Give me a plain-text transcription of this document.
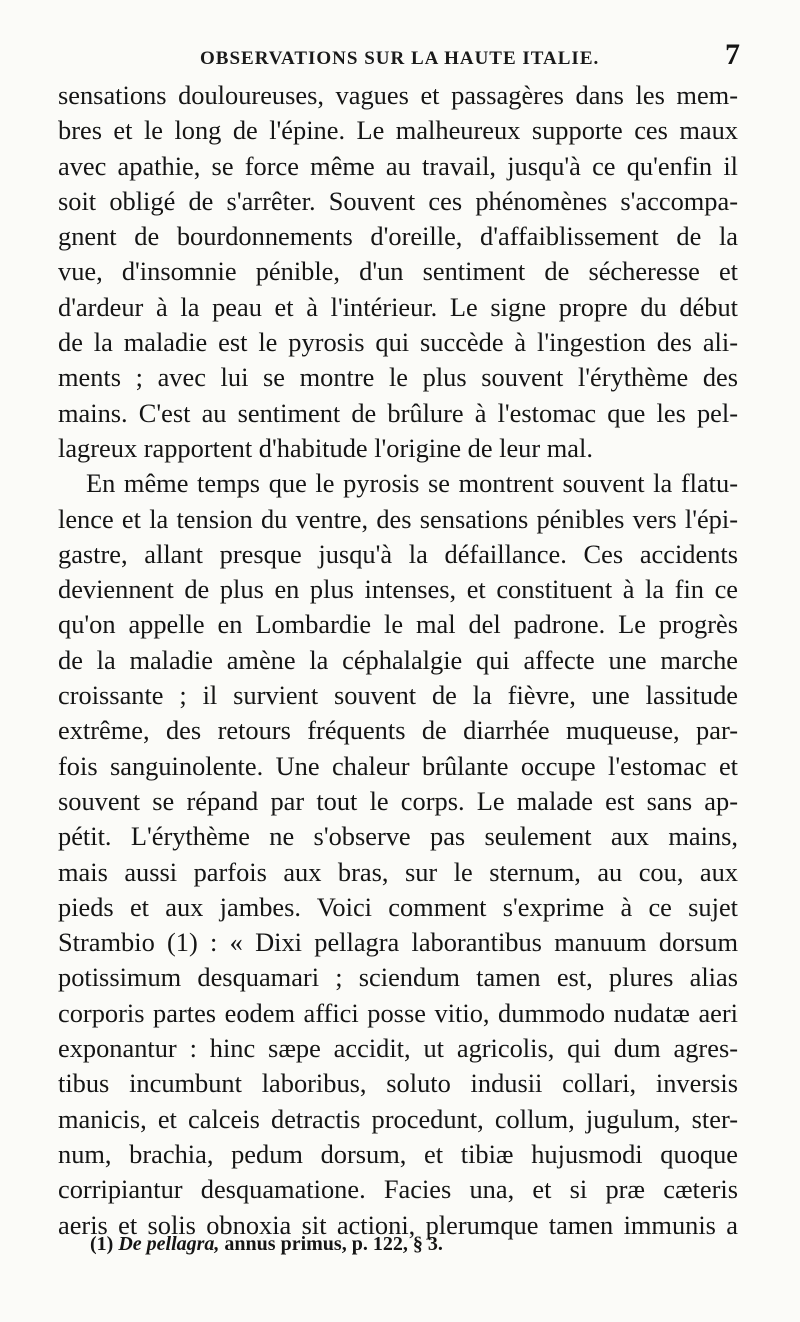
OBSERVATIONS SUR LA HAUTE ITALIE.	7
sensations douloureuses, vagues et passagères dans les mem-
bres et le long de l'épine. Le malheureux supporte ces maux
avec apathie, se force même au travail, jusqu'à ce qu'enfin il
soit obligé de s'arrêter. Souvent ces phénomènes s'accompa-
gnent de bourdonnements d'oreille, d'affaiblissement de la
vue, d'insomnie pénible, d'un sentiment de sécheresse et
d'ardeur à la peau et à l'intérieur. Le signe propre du début
de la maladie est le pyrosis qui succède à l'ingestion des ali-
ments ; avec lui se montre le plus souvent l'érythème des
mains. C'est au sentiment de brûlure à l'estomac que les pel-
lagreux rapportent d'habitude l'origine de leur mal.
En même temps que le pyrosis se montrent souvent la flatu-
lence et la tension du ventre, des sensations pénibles vers l'épi-
gastre, allant presque jusqu'à la défaillance. Ces accidents
deviennent de plus en plus intenses, et constituent à la fin ce
qu'on appelle en Lombardie le mal del padrone. Le progrès
de la maladie amène la céphalalgie qui affecte une marche
croissante ; il survient souvent de la fièvre, une lassitude
extrême, des retours fréquents de diarrhée muqueuse, par-
fois sanguinolente. Une chaleur brûlante occupe l'estomac et
souvent se répand par tout le corps. Le malade est sans ap-
pétit. L'érythème ne s'observe pas seulement aux mains,
mais aussi parfois aux bras, sur le sternum, au cou, aux
pieds et aux jambes. Voici comment s'exprime à ce sujet
Strambio (1) : « Dixi pellagra laborantibus manuum dorsum
potissimum desquamari ; sciendum tamen est, plures alias
corporis partes eodem affici posse vitio, dummodo nudatæ aeri
exponantur : hinc sæpe accidit, ut agricolis, qui dum agres-
tibus incumbunt laboribus, soluto indusii collari, inversis
manicis, et calceis detractis procedunt, collum, jugulum, ster-
num, brachia, pedum dorsum, et tibiæ hujusmodi quoque
corripiantur desquamatione. Facies una, et si præ cæteris
aeris et solis obnoxia sit actioni, plerumque tamen immunis a
(1) De pellagra, annus primus, p. 122, § 3.
